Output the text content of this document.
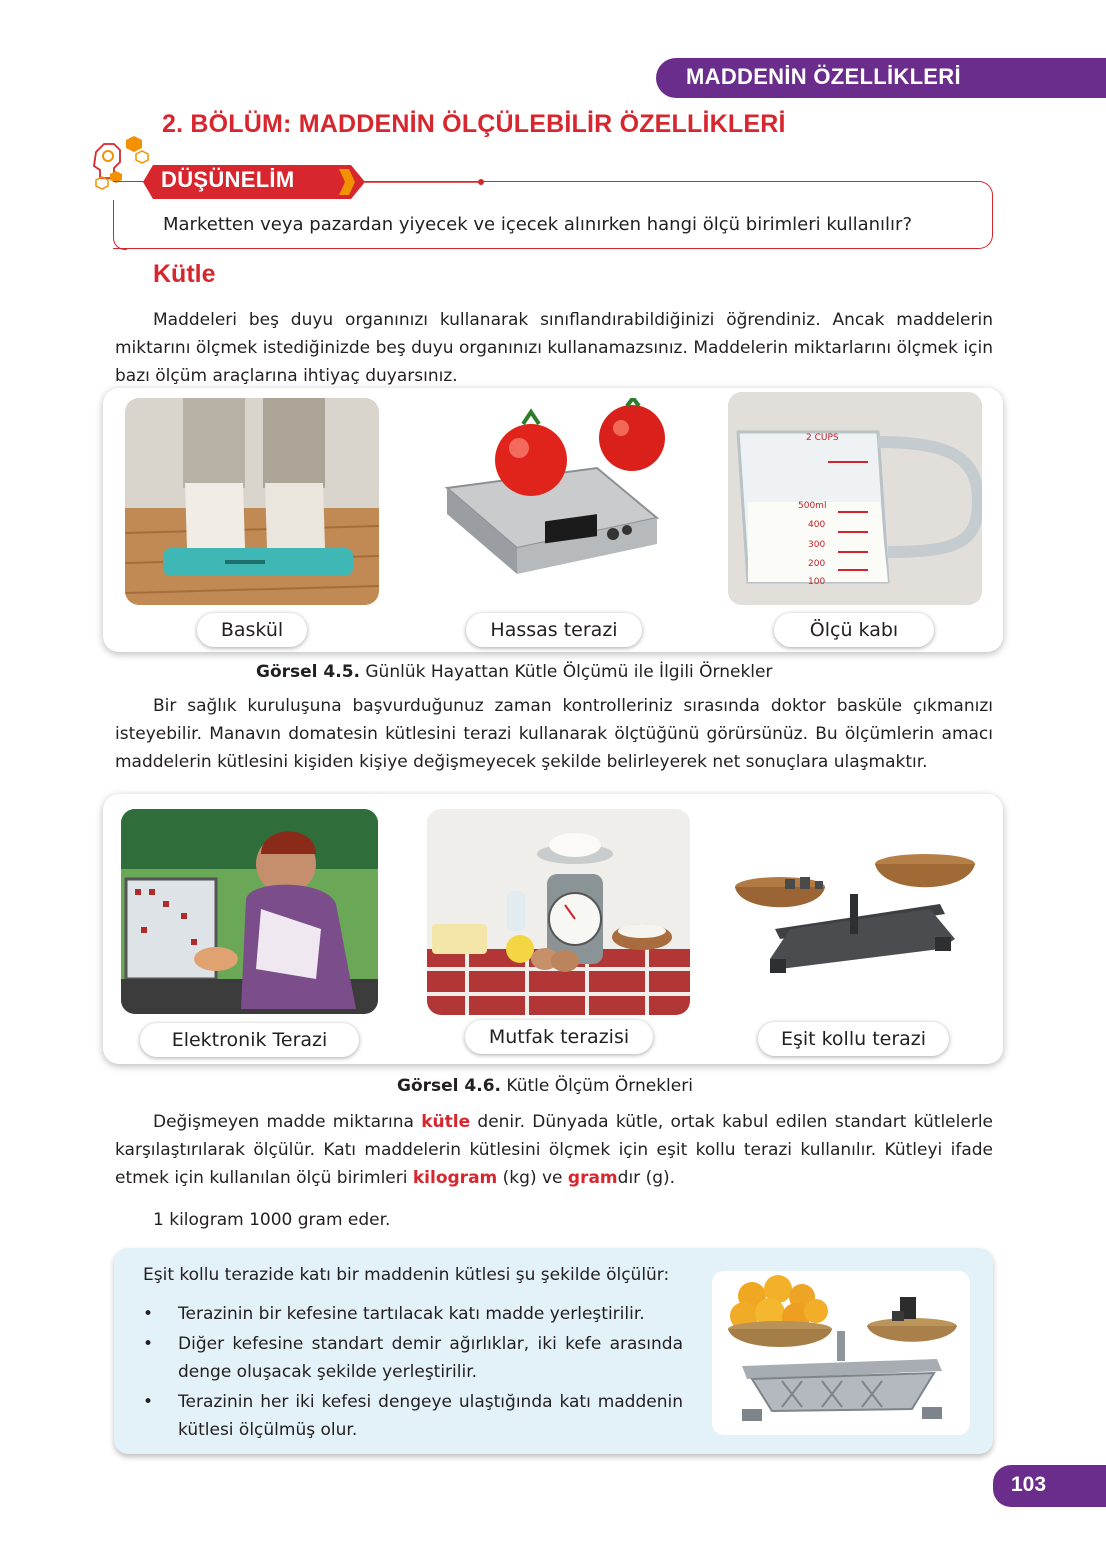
MADDENİN ÖZELLİKLERİ
2. BÖLÜM: MADDENİN ÖLÇÜLEBİLİR ÖZELLİKLERİ
DÜŞÜNELİM
Marketten veya pazardan yiyecek ve içecek alınırken hangi ölçü birimleri kullanılır?
Kütle
Maddeleri beş duyu organınızı kullanarak sınıflandırabildiğinizi öğrendiniz. Ancak maddelerin miktarını ölçmek istediğinizde beş duyu organınızı kullanamazsınız. Maddelerin miktarlarını ölçmek için bazı ölçüm araçlarına ihtiyaç duyarsınız.
2 CUPS
500ml
400
300
200
100
Baskül	Hassas terazi	Ölçü kabı
Görsel 4.5. Günlük Hayattan Kütle Ölçümü ile İlgili Örnekler
Bir sağlık kuruluşuna başvurduğunuz zaman kontrolleriniz sırasında doktor basküle çıkmanızı isteyebilir. Manavın domatesin kütlesini terazi kullanarak ölçtüğünü görürsünüz. Bu ölçümlerin amacı maddelerin kütlesini kişiden kişiye değişmeyecek şekilde belirleyerek net sonuçlara ulaşmaktır.
Elektronik Terazi	Mutfak terazisi	Eşit kollu terazi
Görsel 4.6. Kütle Ölçüm Örnekleri
Değişmeyen madde miktarına kütle denir. Dünyada kütle, ortak kabul edilen standart kütlelerle karşılaştırılarak ölçülür. Katı maddelerin kütlesini ölçmek için eşit kollu terazi kullanılır. Kütleyi ifade etmek için kullanılan ölçü birimleri kilogram (kg) ve gramdır (g).
1 kilogram 1000 gram eder.
Eşit kollu terazide katı bir maddenin kütlesi şu şekilde ölçülür:
• Terazinin bir kefesine tartılacak katı madde yerleştirilir.
• Diğer kefesine standart demir ağırlıklar, iki kefe arasında denge oluşacak şekilde yerleştirilir.
• Terazinin her iki kefesi dengeye ulaştığında katı maddenin kütlesi ölçülmüş olur.
103
